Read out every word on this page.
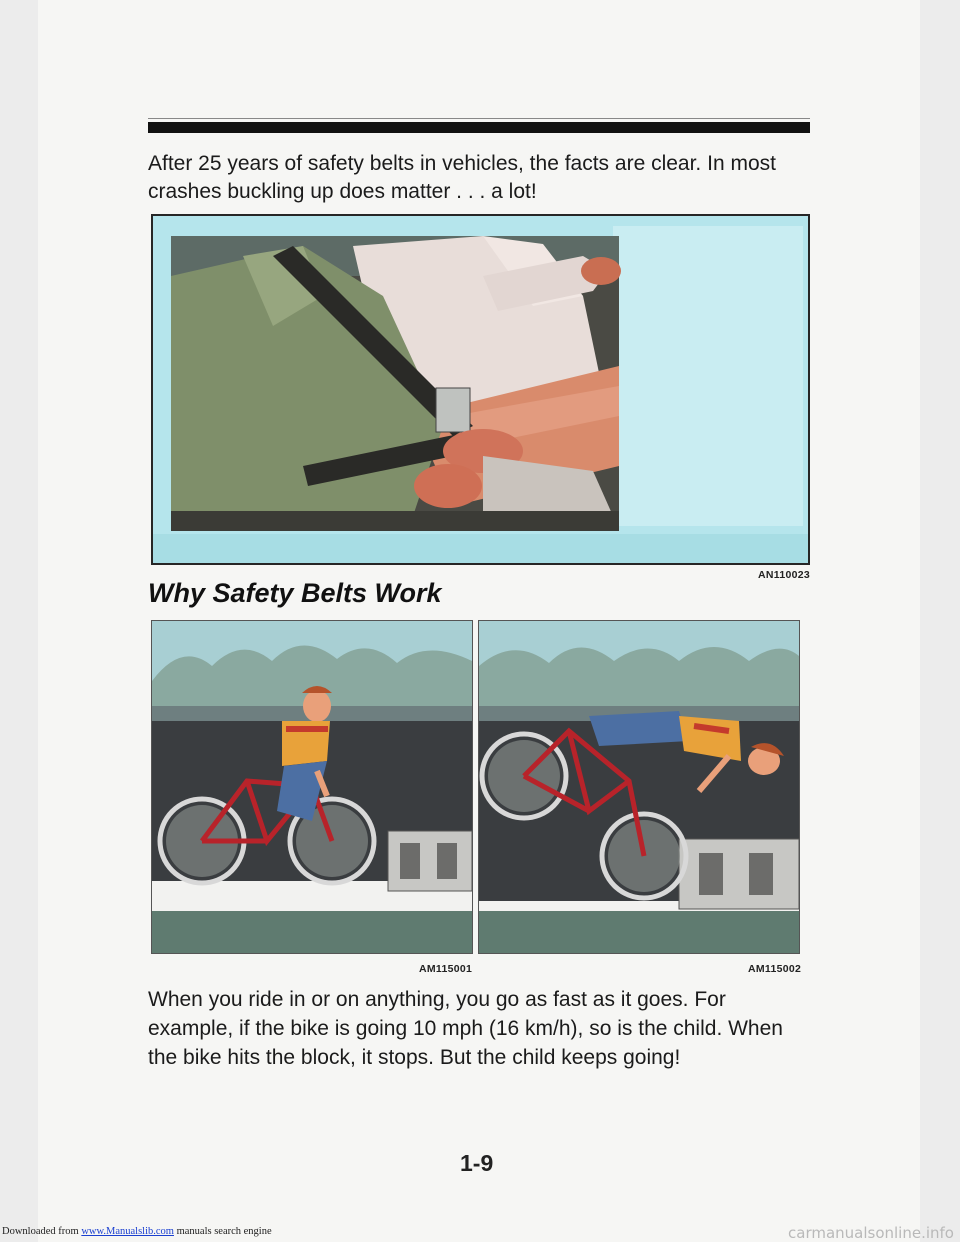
After 25 years of safety belts in vehicles, the facts are clear. In most crashes buckling up does matter . . . a lot!

AN110023
Why Safety Belts Work
AM115001	AM115002

When you ride in or on anything, you go as fast as it goes. For example, if the bike is going 10 mph (16 km/h), so is the child. When the bike hits the block, it stops. But the child keeps going!

1-9
Downloaded from www.Manualslib.com manuals search engine	carmanualsonline.info
